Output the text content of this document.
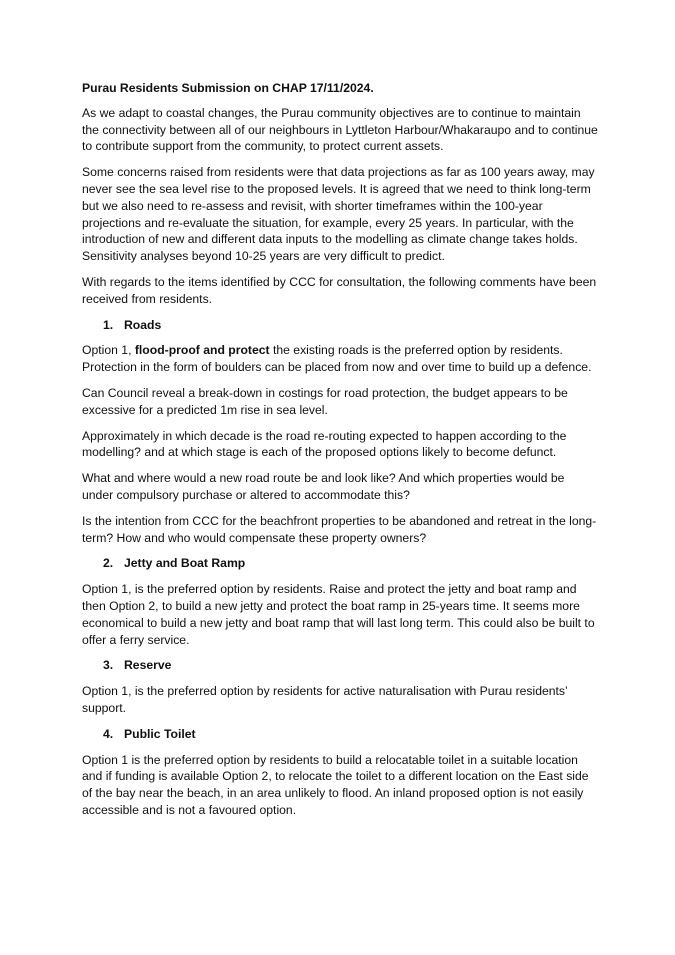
Purau Residents Submission on CHAP 17/11/2024.

As we adapt to coastal changes, the Purau community objectives are to continue to maintain the connectivity between all of our neighbours in Lyttleton Harbour/Whakaraupo and to continue to contribute support from the community, to protect current assets.

Some concerns raised from residents were that data projections as far as 100 years away, may never see the sea level rise to the proposed levels. It is agreed that we need to think long-term but we also need to re-assess and revisit, with shorter timeframes within the 100-year projections and re-evaluate the situation, for example, every 25 years. In particular, with the introduction of new and different data inputs to the modelling as climate change takes holds. Sensitivity analyses beyond 10-25 years are very difficult to predict.

With regards to the items identified by CCC for consultation, the following comments have been received from residents.

1. Roads

Option 1, flood-proof and protect the existing roads is the preferred option by residents. Protection in the form of boulders can be placed from now and over time to build up a defence.

Can Council reveal a break-down in costings for road protection, the budget appears to be excessive for a predicted 1m rise in sea level.

Approximately in which decade is the road re-routing expected to happen according to the modelling? and at which stage is each of the proposed options likely to become defunct.

What and where would a new road route be and look like? And which properties would be under compulsory purchase or altered to accommodate this?

Is the intention from CCC for the beachfront properties to be abandoned and retreat in the long-term? How and who would compensate these property owners?

2. Jetty and Boat Ramp

Option 1, is the preferred option by residents. Raise and protect the jetty and boat ramp and then Option 2, to build a new jetty and protect the boat ramp in 25-years time. It seems more economical to build a new jetty and boat ramp that will last long term. This could also be built to offer a ferry service.

3. Reserve

Option 1, is the preferred option by residents for active naturalisation with Purau residents’ support.

4. Public Toilet

Option 1 is the preferred option by residents to build a relocatable toilet in a suitable location and if funding is available Option 2, to relocate the toilet to a different location on the East side of the bay near the beach, in an area unlikely to flood. An inland proposed option is not easily accessible and is not a favoured option.
